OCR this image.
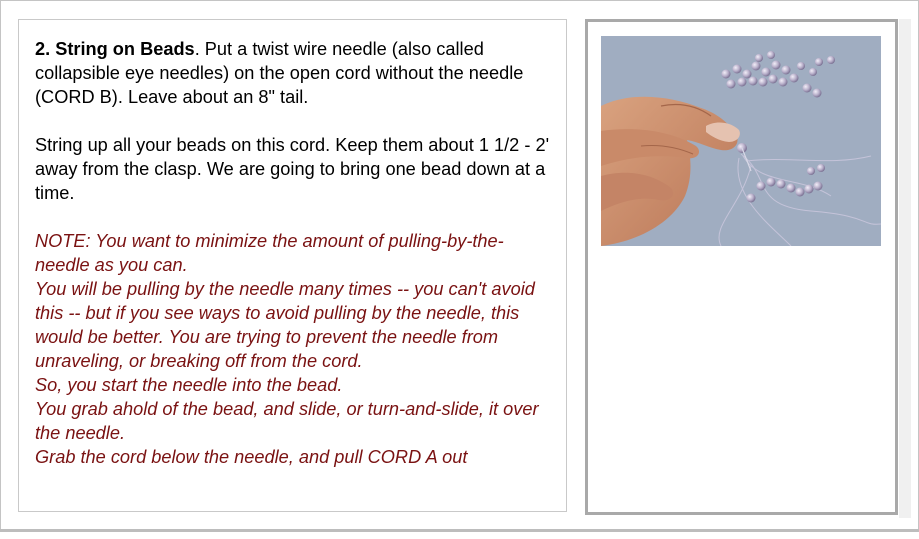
2. String on Beads. Put a twist wire needle (also called collapsible eye needles) on the open cord without the needle (CORD B). Leave about an 8" tail.

String up all your beads on this cord. Keep them about 1 1/2 - 2' away from the clasp. We are going to bring one bead down at a time.

NOTE: You want to minimize the amount of pulling-by-the-needle as you can.

You will be pulling by the needle many times -- you can't avoid this -- but if you see ways to avoid pulling by the needle, this would be better. You are trying to prevent the needle from unraveling, or breaking off from the cord.

So, you start the needle into the bead.

You grab ahold of the bead, and slide, or turn-and-slide, it over the needle.

Grab the cord below the needle, and pull CORD A out
